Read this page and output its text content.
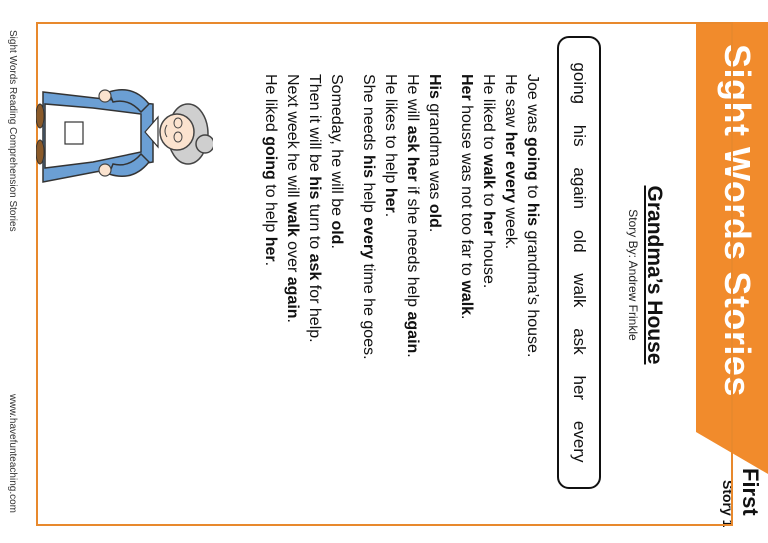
Sight Words Stories
First
Story 1
Grandma’s House
Story By: Andrew Frinkle
going
his
again
old
walk
ask
her
every

Joe was going to his grandma’s house.
He saw her every week.
He liked to walk to her house.
Her house was not too far to walk.

His grandma was old.
He will ask her if she needs help again.
He likes to help her.
She needs his help every time he goes.

Someday, he will be old.
Then it will be his turn to ask for help.
Next week he will walk over again.
He liked going to help her.

Sight Words Reading Comprehension Stories
www.havefunteaching.com
